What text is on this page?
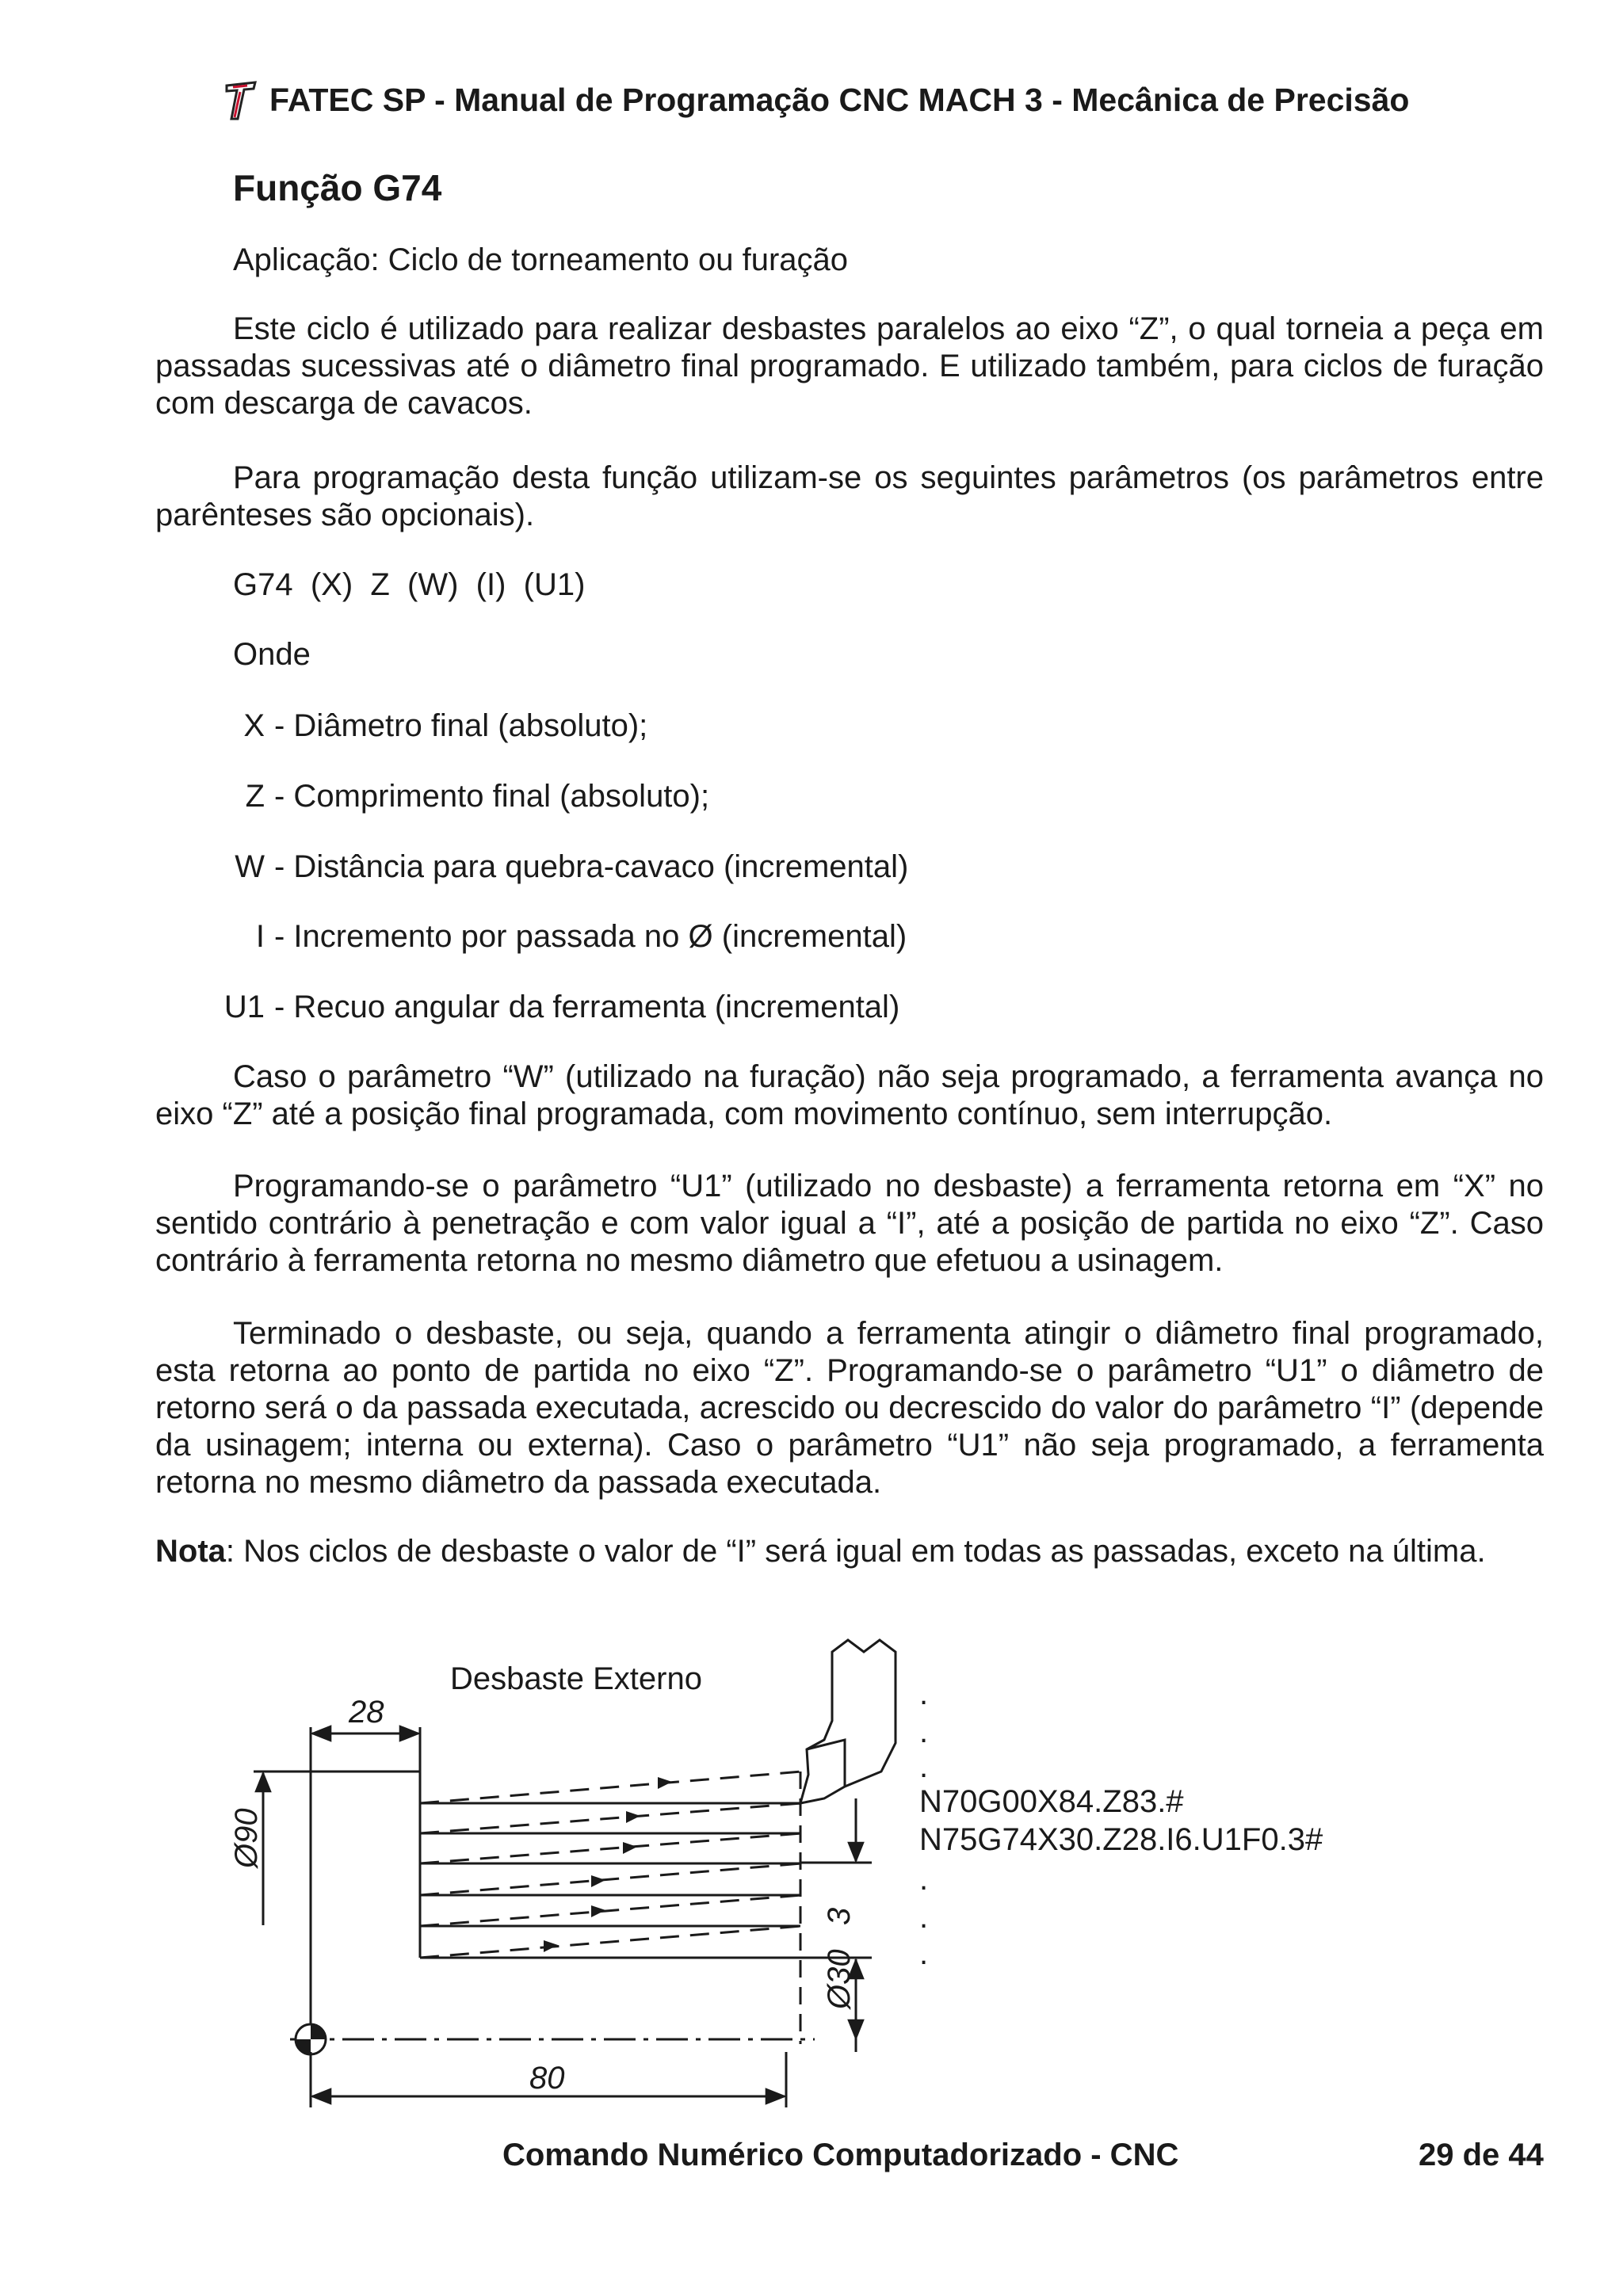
FATEC SP - Manual de Programação CNC MACH 3 - Mecânica de Precisão
Função G74
Aplicação: Ciclo de torneamento ou furação
Este ciclo é utilizado para realizar desbastes paralelos ao eixo “Z”, o qual torneia a peça em passadas sucessivas até o diâmetro final programado. E utilizado também, para ciclos de furação com descarga de cavacos.
Para programação desta função utilizam-se os seguintes parâmetros (os parâmetros entre parênteses são opcionais).
G74  (X)  Z  (W)  (I)  (U1)
Onde
X - Diâmetro final (absoluto);
Z - Comprimento final (absoluto);
W - Distância para quebra-cavaco (incremental)
I - Incremento por passada no Ø (incremental)
U1 - Recuo angular da ferramenta (incremental)
Caso o parâmetro “W” (utilizado na furação) não seja programado, a ferramenta avança no eixo “Z” até a posição final programada, com movimento contínuo, sem interrupção.
Programando-se o parâmetro “U1” (utilizado no desbaste) a ferramenta retorna em “X” no sentido contrário à penetração e com valor igual a “I”, até a posição de partida no eixo “Z”. Caso contrário à ferramenta retorna no mesmo diâmetro que efetuou a usinagem.
Terminado o desbaste, ou seja, quando a ferramenta atingir o diâmetro final programado, esta retorna ao ponto de partida no eixo “Z”. Programando-se o parâmetro “U1” o diâmetro de retorno será o da passada executada, acrescido ou decrescido do valor do parâmetro “I” (depende da usinagem; interna ou externa). Caso o parâmetro “U1” não seja programado, a ferramenta retorna no mesmo diâmetro da passada executada.
Nota: Nos ciclos de desbaste o valor de “I” será igual em todas as passadas, exceto na última.
Desbaste Externo
28
Ø90
Ø30
3
80
.
.
.
N70G00X84.Z83.#
N75G74X30.Z28.I6.U1F0.3#
.
.
.
Comando Numérico Computadorizado - CNC	29 de 44
